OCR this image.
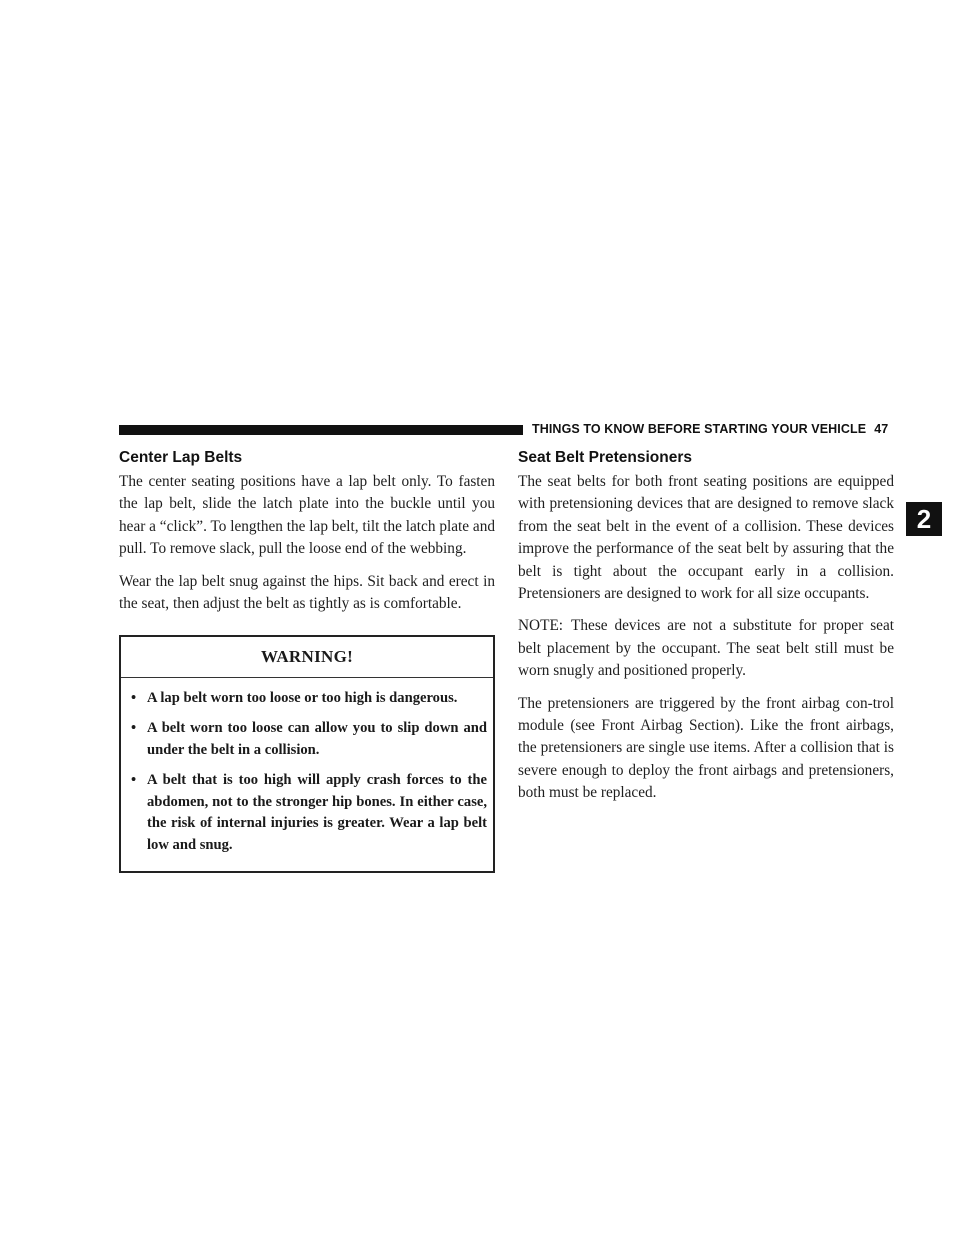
THINGS TO KNOW BEFORE STARTING YOUR VEHICLE 47
2
Center Lap Belts

The center seating positions have a lap belt only. To fasten the lap belt, slide the latch plate into the buckle until you hear a “click”. To lengthen the lap belt, tilt the latch plate and pull. To remove slack, pull the loose end of the webbing.

Wear the lap belt snug against the hips. Sit back and erect in the seat, then adjust the belt as tightly as is comfortable.

WARNING!
• A lap belt worn too loose or too high is dangerous.
• A belt worn too loose can allow you to slip down and under the belt in a collision.
• A belt that is too high will apply crash forces to the abdomen, not to the stronger hip bones. In either case, the risk of internal injuries is greater. Wear a lap belt low and snug.
Seat Belt Pretensioners

The seat belts for both front seating positions are equipped with pretensioning devices that are designed to remove slack from the seat belt in the event of a collision. These devices improve the performance of the seat belt by assuring that the belt is tight about the occupant early in a collision. Pretensioners are designed to work for all size occupants.

NOTE: These devices are not a substitute for proper seat belt placement by the occupant. The seat belt still must be worn snugly and positioned properly.

The pretensioners are triggered by the front airbag con-trol module (see Front Airbag Section). Like the front airbags, the pretensioners are single use items. After a collision that is severe enough to deploy the front airbags and pretensioners, both must be replaced.
